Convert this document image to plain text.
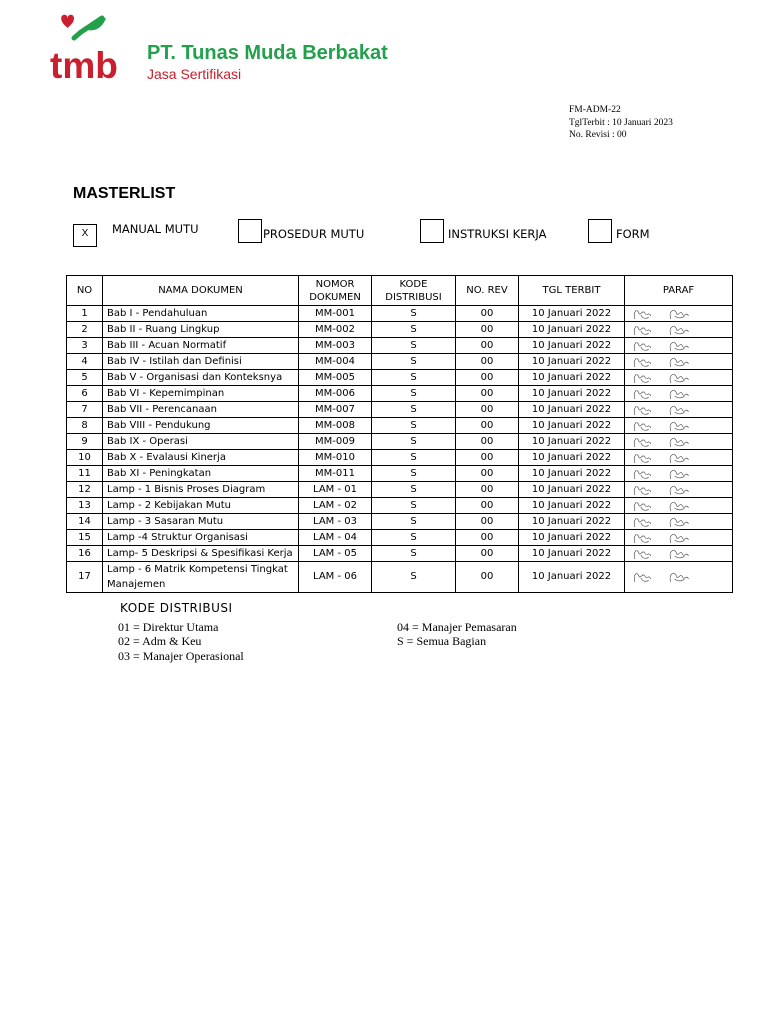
tmb PT. Tunas Muda Berbakat
Jasa Sertifikasi
FM-ADM-22
TglTerbit : 10 Januari 2023
No. Revisi : 00
MASTERLIST
X	MANUAL MUTU	PROSEDUR MUTU	INSTRUKSI KERJA	FORM
NO	NAMA DOKUMEN	NOMOR DOKUMEN	KODE DISTRIBUSI	NO. REV	TGL TERBIT	PARAF
1	Bab I - Pendahuluan	MM-001	S	00	10 Januari 2022	

2	Bab II - Ruang Lingkup	MM-002	S	00	10 Januari 2022	

3	Bab III - Acuan Normatif	MM-003	S	00	10 Januari 2022	

4	Bab IV - Istilah dan Definisi	MM-004	S	00	10 Januari 2022	

5	Bab V - Organisasi dan Konteksnya	MM-005	S	00	10 Januari 2022	

6	Bab VI - Kepemimpinan	MM-006	S	00	10 Januari 2022	

7	Bab VII - Perencanaan	MM-007	S	00	10 Januari 2022	

8	Bab VIII - Pendukung	MM-008	S	00	10 Januari 2022	

9	Bab IX - Operasi	MM-009	S	00	10 Januari 2022	

10	Bab X - Evalausi Kinerja	MM-010	S	00	10 Januari 2022	

11	Bab XI - Peningkatan	MM-011	S	00	10 Januari 2022	

12	Lamp - 1 Bisnis Proses Diagram	LAM - 01	S	00	10 Januari 2022	

13	Lamp - 2 Kebijakan Mutu	LAM - 02	S	00	10 Januari 2022	

14	Lamp - 3 Sasaran Mutu	LAM - 03	S	00	10 Januari 2022	

15	Lamp -4 Struktur Organisasi	LAM - 04	S	00	10 Januari 2022	

16	Lamp- 5 Deskripsi & Spesifikasi Kerja	LAM - 05	S	00	10 Januari 2022	

17	Lamp - 6 Matrik Kompetensi Tingkat Manajemen	LAM - 06	S	00	10 Januari 2022	
KODE DISTRIBUSI
01 = Direktur Utama
02 = Adm & Keu
03 = Manajer Operasional
04 = Manajer Pemasaran
S = Semua Bagian
